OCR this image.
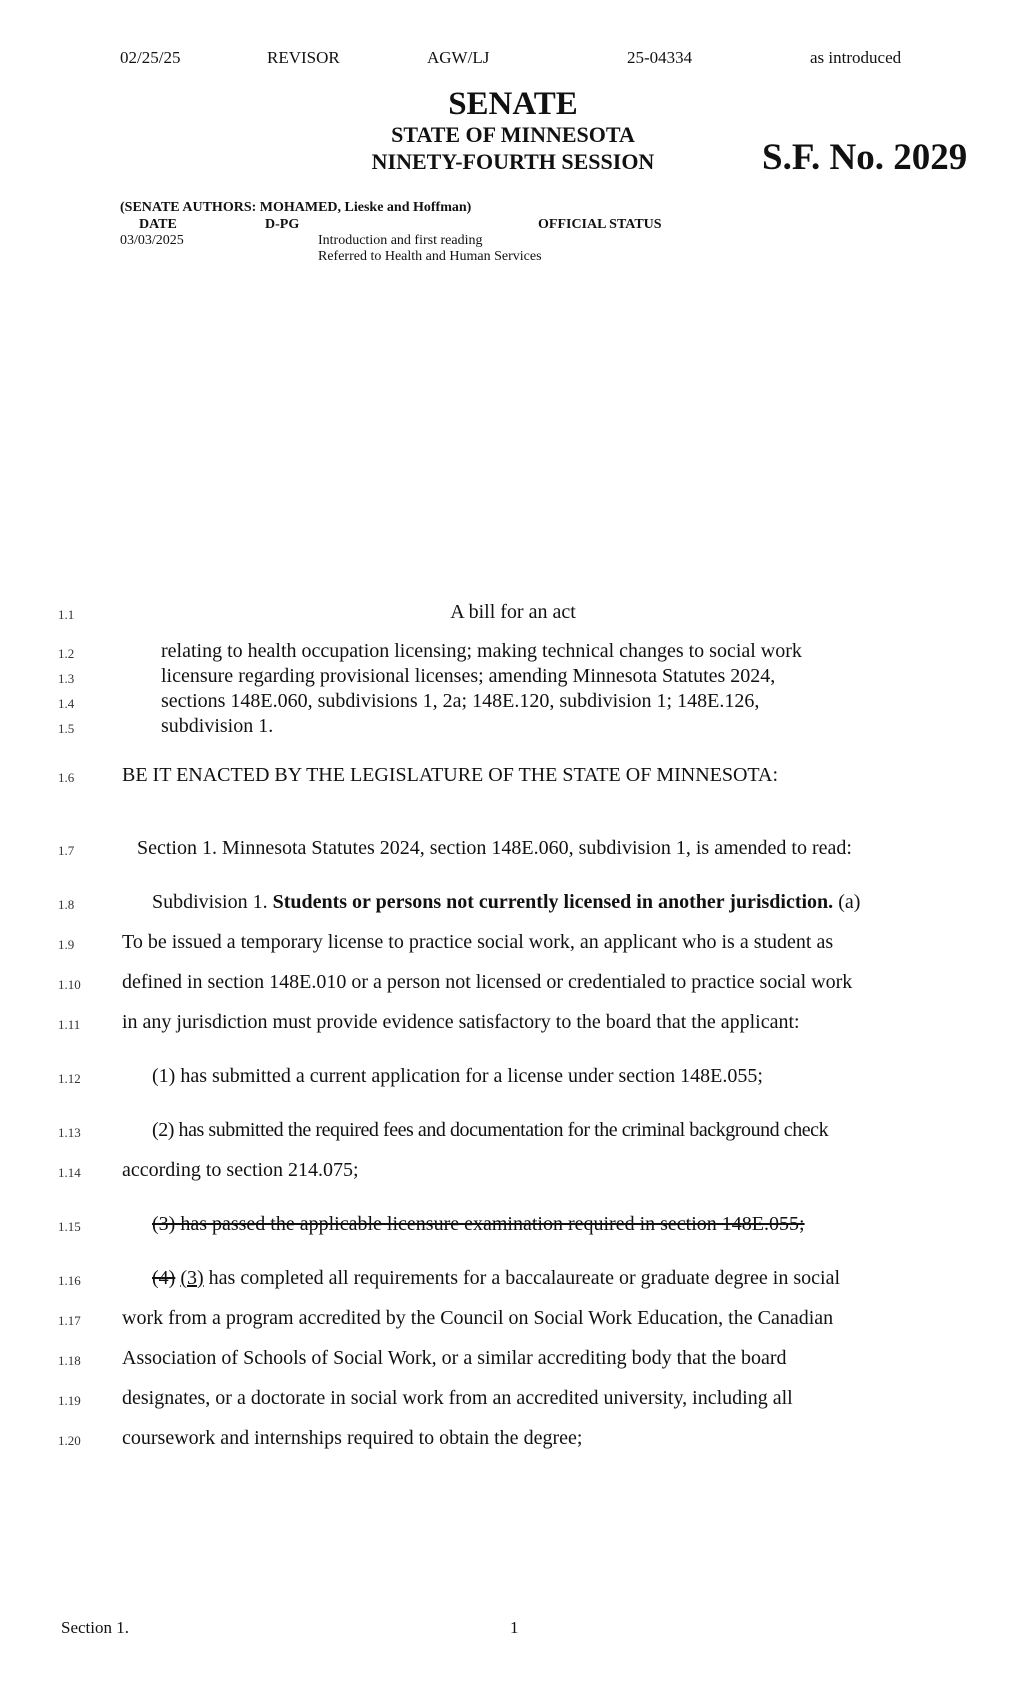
02/25/25	REVISOR	AGW/LJ	25-04334	as introduced
SENATE
STATE OF MINNESOTA
NINETY-FOURTH SESSION	S.F. No. 2029
(SENATE AUTHORS: MOHAMED, Lieske and Hoffman)
DATE	D-PG	OFFICIAL STATUS
03/03/2025	Introduction and first reading
Referred to Health and Human Services
1.1	A bill for an act
1.2	relating to health occupation licensing; making technical changes to social work
1.3	licensure regarding provisional licenses; amending Minnesota Statutes 2024,
1.4	sections 148E.060, subdivisions 1, 2a; 148E.120, subdivision 1; 148E.126,
1.5	subdivision 1.
1.6 BE IT ENACTED BY THE LEGISLATURE OF THE STATE OF MINNESOTA:
1.7	Section 1. Minnesota Statutes 2024, section 148E.060, subdivision 1, is amended to read:
1.8	Subdivision 1. Students or persons not currently licensed in another jurisdiction. (a)
1.9 To be issued a temporary license to practice social work, an applicant who is a student as
1.10 defined in section 148E.010 or a person not licensed or credentialed to practice social work
1.11 in any jurisdiction must provide evidence satisfactory to the board that the applicant:
1.12	(1) has submitted a current application for a license under section 148E.055;
1.13	(2) has submitted the required fees and documentation for the criminal background check
1.14 according to section 214.075;
1.15	(3) has passed the applicable licensure examination required in section 148E.055;
1.16	(4) (3) has completed all requirements for a baccalaureate or graduate degree in social
1.17 work from a program accredited by the Council on Social Work Education, the Canadian
1.18 Association of Schools of Social Work, or a similar accrediting body that the board
1.19 designates, or a doctorate in social work from an accredited university, including all
1.20 coursework and internships required to obtain the degree;
Section 1.	1
